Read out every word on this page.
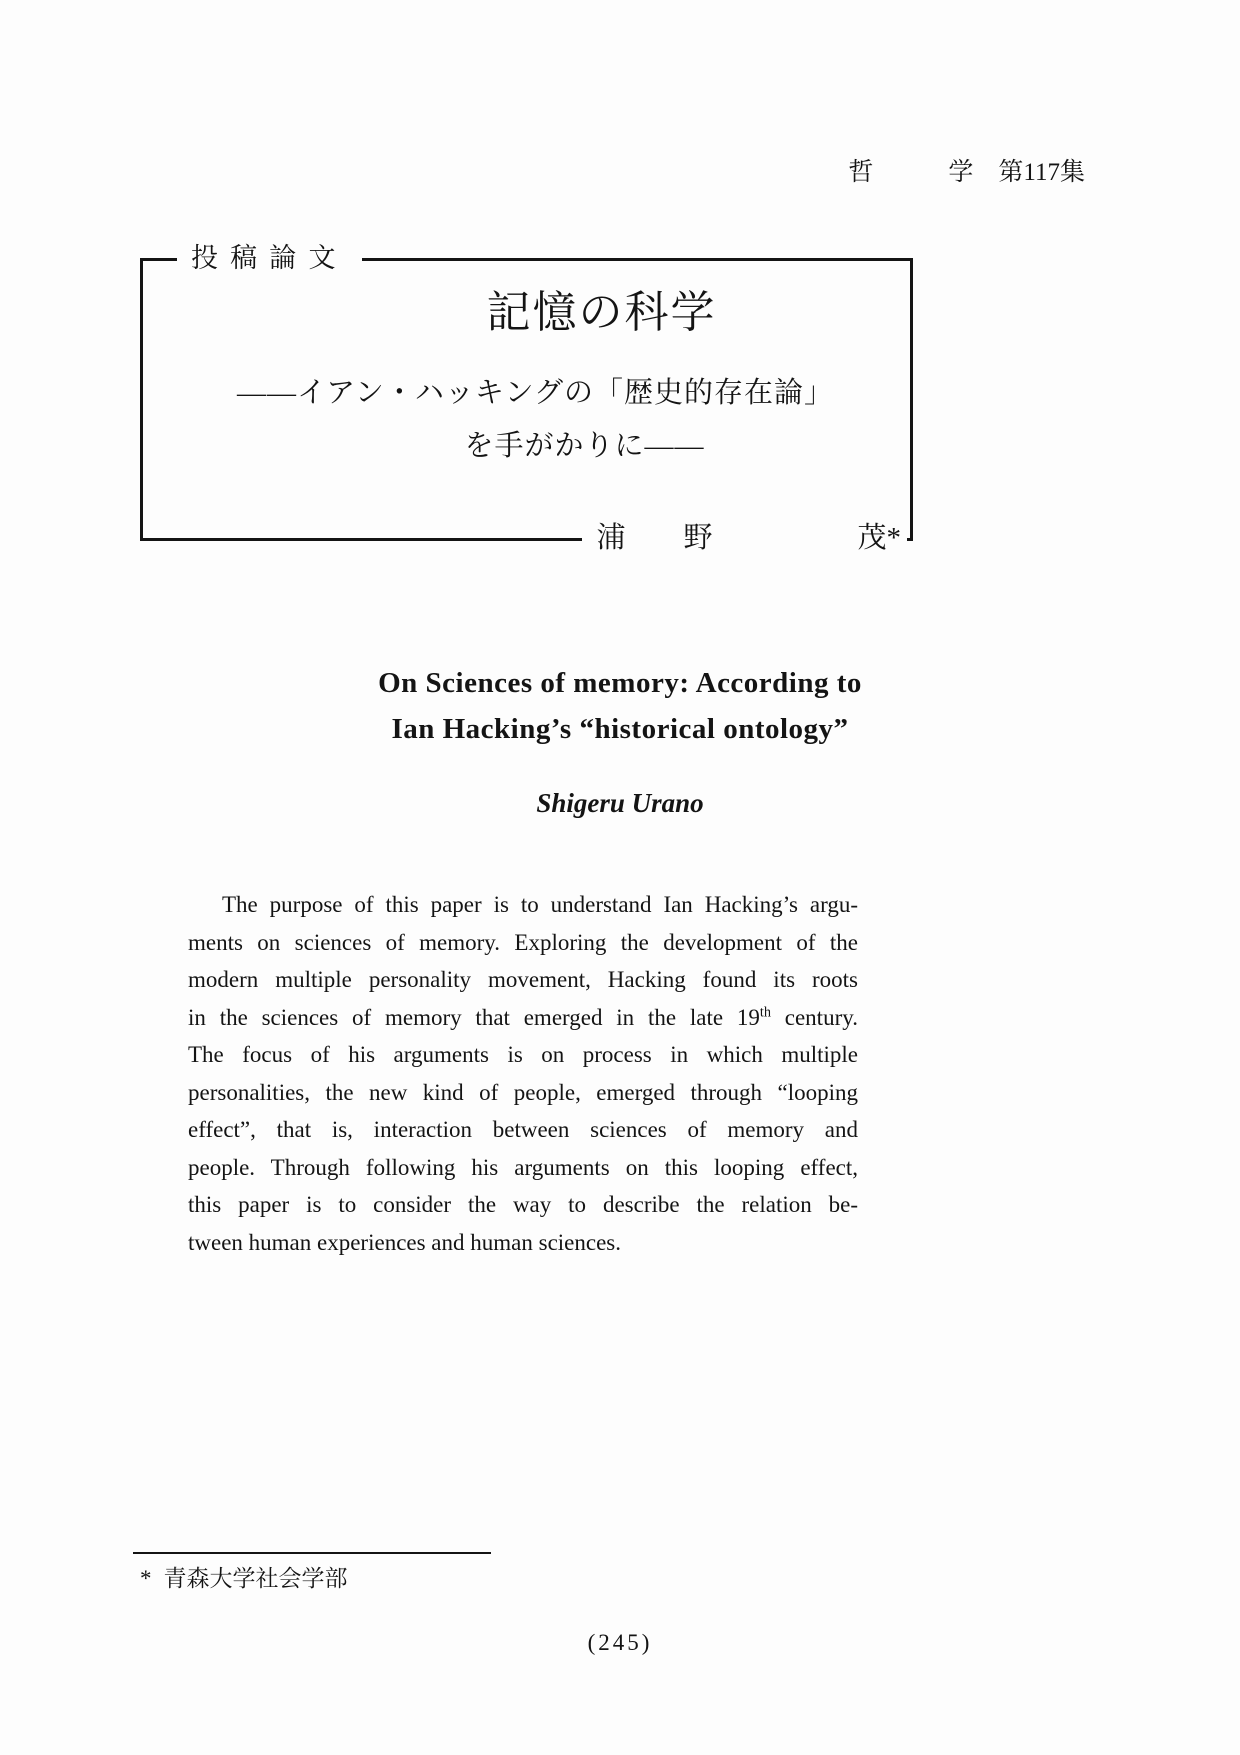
哲　　　学　第117集
投稿論文
記憶の科学
——イアン・ハッキングの「歴史的存在論」
を手がかりに——
浦　　野　　　　　茂*
On Sciences of memory: According to
Ian Hacking’s “historical ontology”
Shigeru Urano
The purpose of this paper is to understand Ian Hacking’s argu-
ments on sciences of memory. Exploring the development of the
modern multiple personality movement, Hacking found its roots
in the sciences of memory that emerged in the late 19th century.
The focus of his arguments is on process in which multiple
personalities, the new kind of people, emerged through “looping
effect”, that is, interaction between sciences of memory and
people. Through following his arguments on this looping effect,
this paper is to consider the way to describe the relation be-
tween human experiences and human sciences.
* 青森大学社会学部
(245)
